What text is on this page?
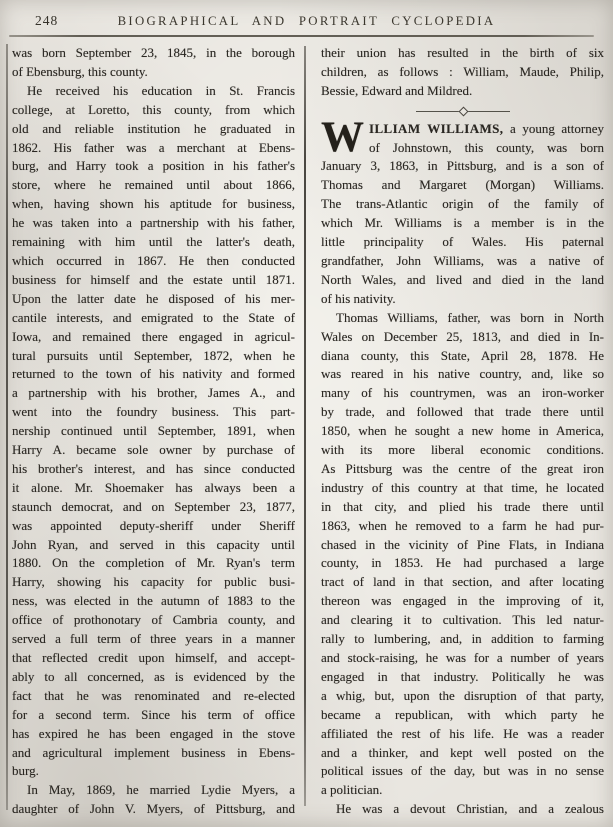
248	BIOGRAPHICAL AND PORTRAIT CYCLOPEDIA
was born September 23, 1845, in the borough
of Ebensburg, this county.
He received his education in St. Francis
college, at Loretto, this county, from which
old and reliable institution he graduated in
1862. His father was a merchant at Ebens-
burg, and Harry took a position in his father's
store, where he remained until about 1866,
when, having shown his aptitude for business,
he was taken into a partnership with his father,
remaining with him until the latter's death,
which occurred in 1867. He then conducted
business for himself and the estate until 1871.
Upon the latter date he disposed of his mer-
cantile interests, and emigrated to the State of
Iowa, and remained there engaged in agricul-
tural pursuits until September, 1872, when he
returned to the town of his nativity and formed
a partnership with his brother, James A., and
went into the foundry business. This part-
nership continued until September, 1891, when
Harry A. became sole owner by purchase of
his brother's interest, and has since conducted
it alone. Mr. Shoemaker has always been a
staunch democrat, and on September 23, 1877,
was appointed deputy-sheriff under Sheriff
John Ryan, and served in this capacity until
1880. On the completion of Mr. Ryan's term
Harry, showing his capacity for public busi-
ness, was elected in the autumn of 1883 to the
office of prothonotary of Cambria county, and
served a full term of three years in a manner
that reflected credit upon himself, and accept-
ably to all concerned, as is evidenced by the
fact that he was renominated and re-elected
for a second term. Since his term of office
has expired he has been engaged in the stove
and agricultural implement business in Ebens-
burg.
In May, 1869, he married Lydie Myers, a
daughter of John V. Myers, of Pittsburg, and
their union has resulted in the birth of six
children, as follows : William, Maude, Philip,
Bessie, Edward and Mildred.
WILLIAM WILLIAMS, a young attorney
of Johnstown, this county, was born
January 3, 1863, in Pittsburg, and is a son of
Thomas and Margaret (Morgan) Williams.
The trans-Atlantic origin of the family of
which Mr. Williams is a member is in the
little principality of Wales. His paternal
grandfather, John Williams, was a native of
North Wales, and lived and died in the land
of his nativity.
Thomas Williams, father, was born in North
Wales on December 25, 1813, and died in In-
diana county, this State, April 28, 1878. He
was reared in his native country, and, like so
many of his countrymen, was an iron-worker
by trade, and followed that trade there until
1850, when he sought a new home in America,
with its more liberal economic conditions.
As Pittsburg was the centre of the great iron
industry of this country at that time, he located
in that city, and plied his trade there until
1863, when he removed to a farm he had pur-
chased in the vicinity of Pine Flats, in Indiana
county, in 1853. He had purchased a large
tract of land in that section, and after locating
thereon was engaged in the improving of it,
and clearing it to cultivation. This led natur-
rally to lumbering, and, in addition to farming
and stock-raising, he was for a number of years
engaged in that industry. Politically he was
a whig, but, upon the disruption of that party,
became a republican, with which party he
affiliated the rest of his life. He was a reader
and a thinker, and kept well posted on the
political issues of the day, but was in no sense
a politician.
He was a devout Christian, and a zealous
